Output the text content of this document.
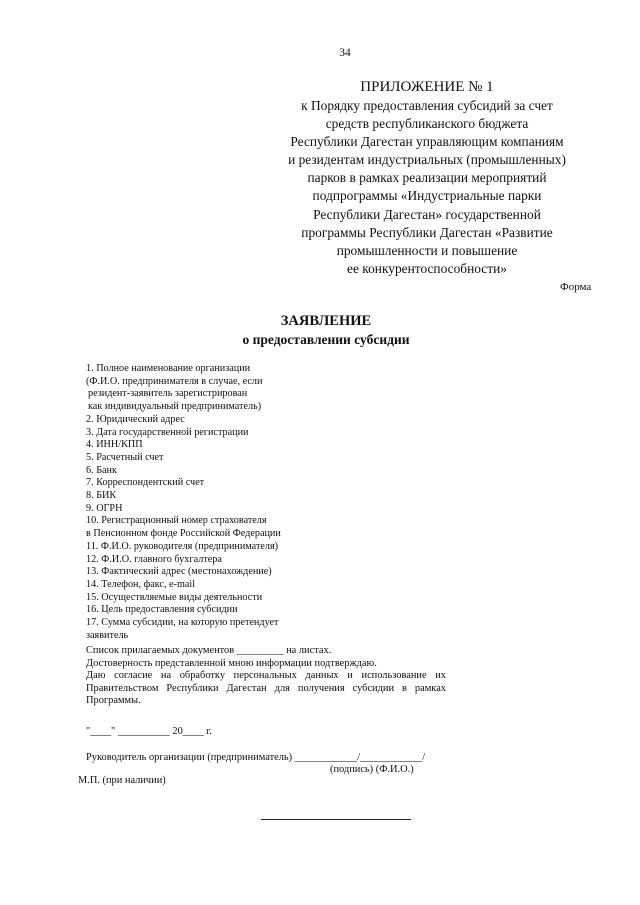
34
ПРИЛОЖЕНИЕ № 1
к Порядку предоставления субсидий за счет
средств республиканского бюджета
Республики Дагестан управляющим компаниям
и резидентам индустриальных (промышленных)
парков в рамках реализации мероприятий
подпрограммы «Индустриальные парки
Республики Дагестан» государственной
программы Республики Дагестан «Развитие
промышленности и повышение
ее конкурентоспособности»
Форма
ЗАЯВЛЕНИЕ
о предоставлении субсидии
1. Полное наименование организации
(Ф.И.О. предпринимателя в случае, если
резидент-заявитель зарегистрирован
как индивидуальный предприниматель)
2. Юридический адрес
3. Дата государственной регистрации
4. ИНН/КПП
5. Расчетный счет
6. Банк
7. Корреспондентский счет
8. БИК
9. ОГРН
10. Регистрационный номер страхователя
в Пенсионном фонде Российской Федерации
11. Ф.И.О. руководителя (предпринимателя)
12. Ф.И.О. главного бухгалтера
13. Фактический адрес (местонахождение)
14. Телефон, факс, e-mail
15. Осуществляемые виды деятельности
16. Цель предоставления субсидии
17. Сумма субсидии, на которую претендует
заявитель

Список прилагаемых документов _________ на листах.

Достоверность представленной мною информации подтверждаю.

Даю согласие на обработку персональных данных и использование их Правительством Республики Дагестан для получения субсидии в рамках Программы.

"____" __________ 20____ г.
Руководитель организации (предприниматель) ____________/____________/
(подпись) (Ф.И.О.)
М.П. (при наличии)
